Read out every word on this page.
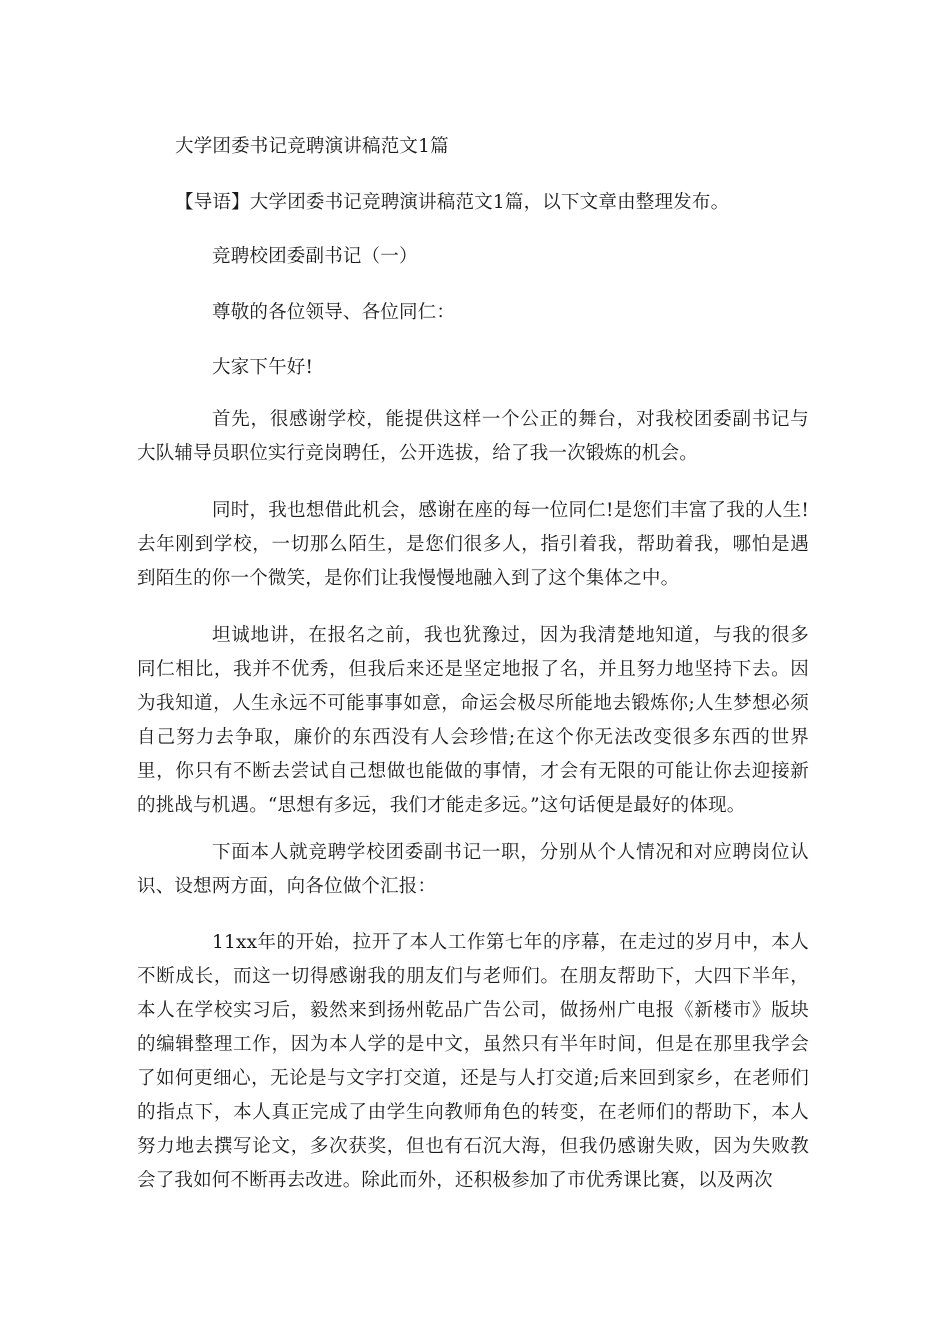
大学团委书记竞聘演讲稿范文1篇
【导语】大学团委书记竞聘演讲稿范文1篇，以下文章由整理发布。
竞聘校团委副书记（一）
尊敬的各位领导、各位同仁：
大家下午好!
首先，很感谢学校，能提供这样一个公正的舞台，对我校团委副书记与大队辅导员职位实行竞岗聘任，公开选拔，给了我一次锻炼的机会。
同时，我也想借此机会，感谢在座的每一位同仁!是您们丰富了我的人生!去年刚到学校，一切那么陌生，是您们很多人，指引着我，帮助着我，哪怕是遇到陌生的你一个微笑，是你们让我慢慢地融入到了这个集体之中。
坦诚地讲，在报名之前，我也犹豫过，因为我清楚地知道，与我的很多同仁相比，我并不优秀，但我后来还是坚定地报了名，并且努力地坚持下去。因为我知道，人生永远不可能事事如意，命运会极尽所能地去锻炼你;人生梦想必须自己努力去争取，廉价的东西没有人会珍惜;在这个你无法改变很多东西的世界里，你只有不断去尝试自己想做也能做的事情，才会有无限的可能让你去迎接新的挑战与机遇。“思想有多远，我们才能走多远。”这句话便是最好的体现。
下面本人就竞聘学校团委副书记一职，分别从个人情况和对应聘岗位认识、设想两方面，向各位做个汇报：
11xx年的开始，拉开了本人工作第七年的序幕，在走过的岁月中，本人不断成长，而这一切得感谢我的朋友们与老师们。在朋友帮助下，大四下半年，本人在学校实习后，毅然来到扬州乾品广告公司，做扬州广电报《新楼市》版块的编辑整理工作，因为本人学的是中文，虽然只有半年时间，但是在那里我学会了如何更细心，无论是与文字打交道，还是与人打交道;后来回到家乡，在老师们的指点下，本人真正完成了由学生向教师角色的转变，在老师们的帮助下，本人努力地去撰写论文，多次获奖，但也有石沉大海，但我仍感谢失败，因为失败教会了我如何不断再去改进。除此而外，还积极参加了市优秀课比赛，以及两次
